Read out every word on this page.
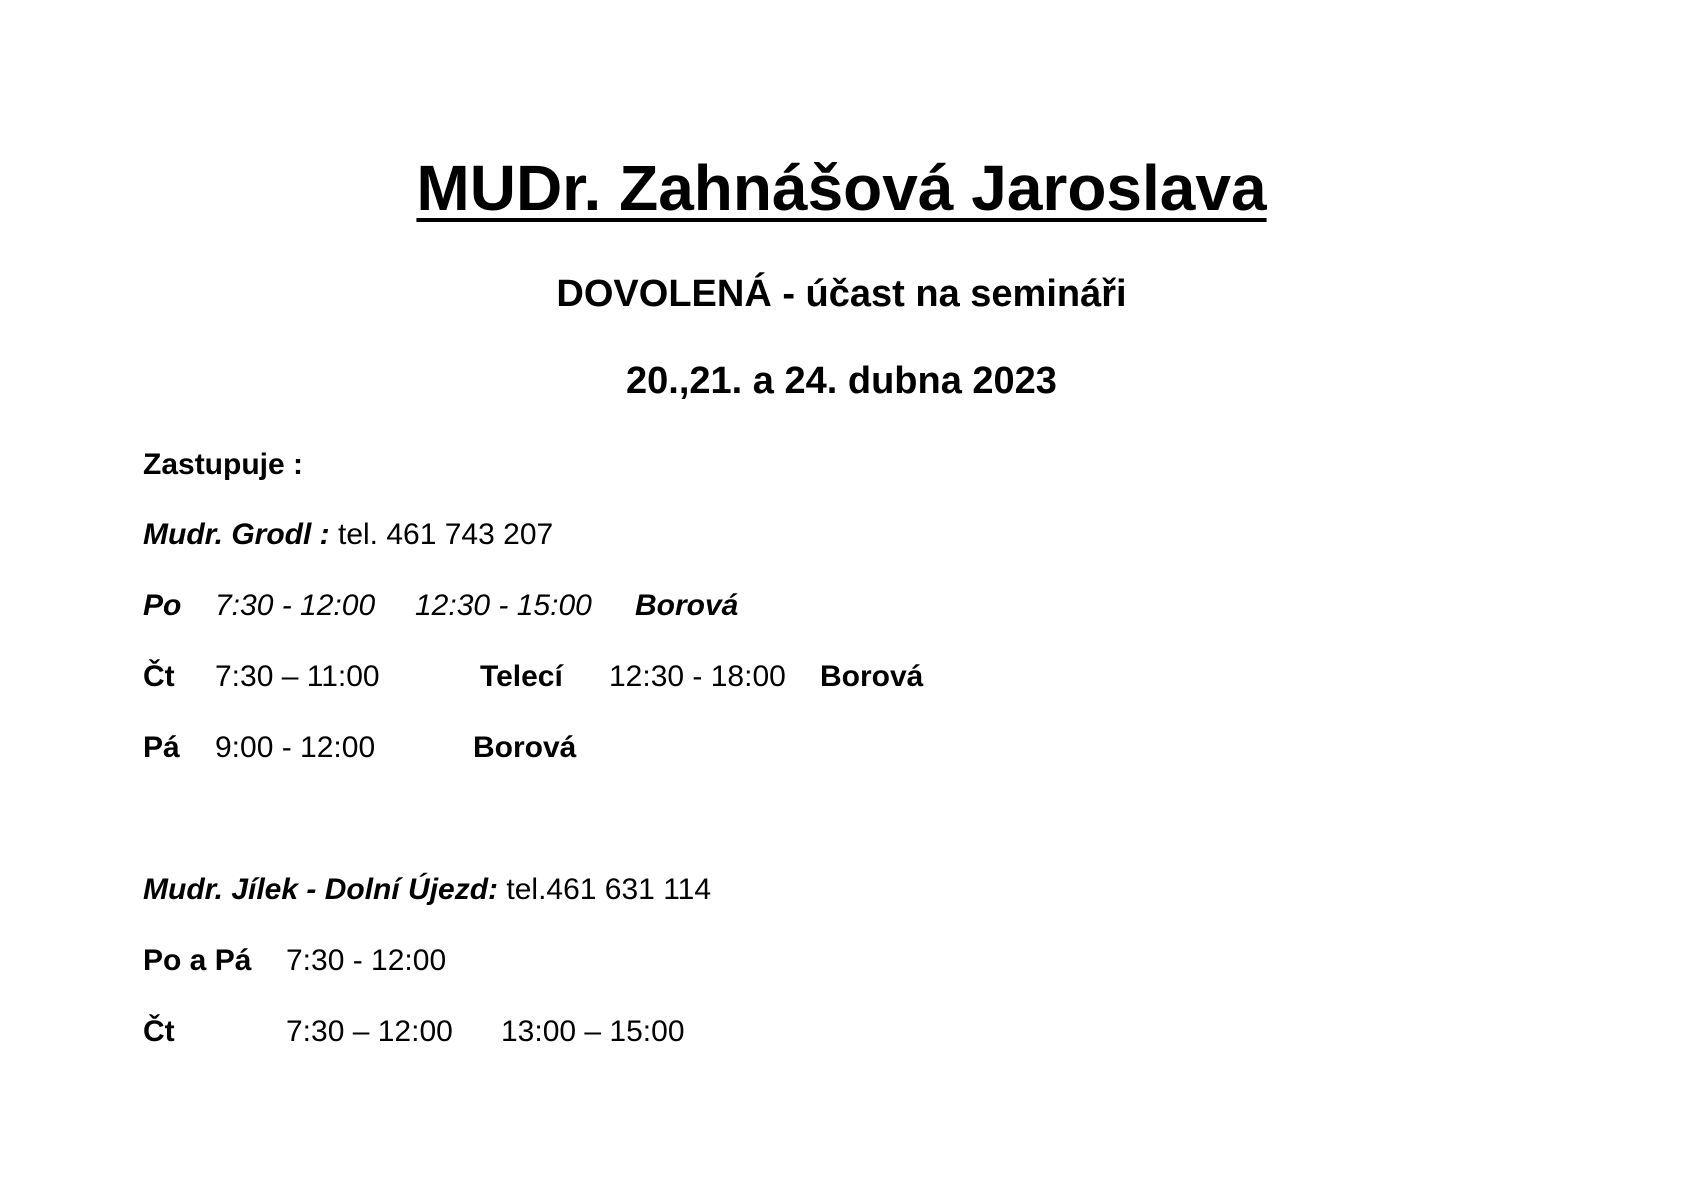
MUDr. Zahnášová Jaroslava
DOVOLENÁ - účast na semináři
20.,21. a 24. dubna 2023
Zastupuje :
Mudr. Grodl : tel. 461 743 207
Po 7:30 - 12:00 12:30 - 15:00 Borová
Čt 7:30 – 11:00	Telecí 12:30 - 18:00 Borová
Pá 9:00 - 12:00	Borová
Mudr. Jílek - Dolní Újezd: tel.461 631 114
Po a Pá 7:30 - 12:00
Čt	7:30 – 12:00 13:00 – 15:00
